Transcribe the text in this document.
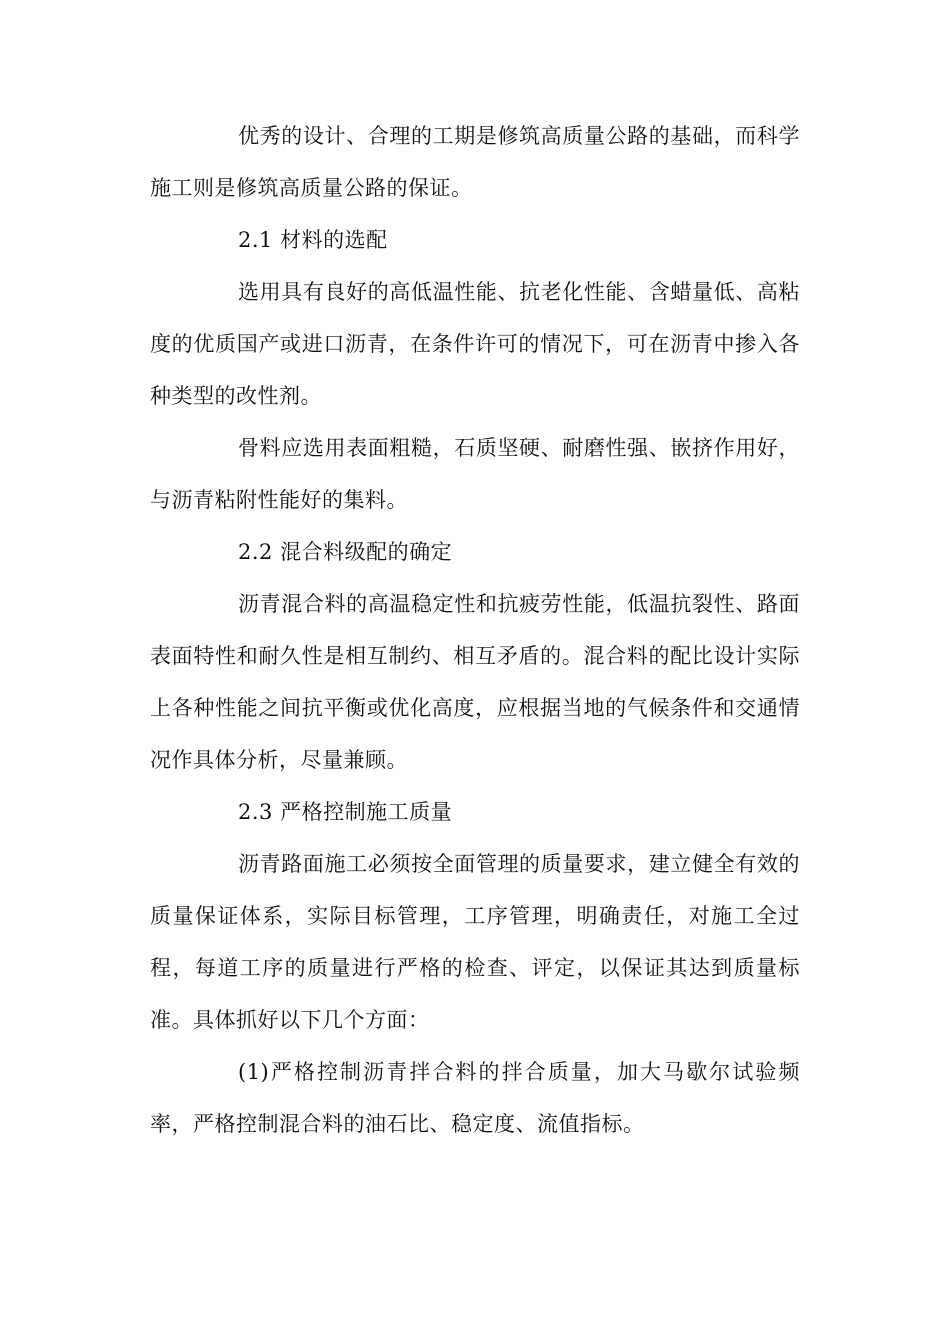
优秀的设计、合理的工期是修筑高质量公路的基础，而科学施工则是修筑高质量公路的保证。

2.1 材料的选配

选用具有良好的高低温性能、抗老化性能、含蜡量低、高粘度的优质国产或进口沥青，在条件许可的情况下，可在沥青中掺入各种类型的改性剂。

骨料应选用表面粗糙，石质坚硬、耐磨性强、嵌挤作用好，与沥青粘附性能好的集料。

2.2 混合料级配的确定

沥青混合料的高温稳定性和抗疲劳性能，低温抗裂性、路面表面特性和耐久性是相互制约、相互矛盾的。混合料的配比设计实际上各种性能之间抗平衡或优化高度，应根据当地的气候条件和交通情况作具体分析，尽量兼顾。

2.3 严格控制施工质量

沥青路面施工必须按全面管理的质量要求，建立健全有效的质量保证体系，实际目标管理，工序管理，明确责任，对施工全过程，每道工序的质量进行严格的检查、评定，以保证其达到质量标准。具体抓好以下几个方面：

(1)严格控制沥青拌合料的拌合质量，加大马歇尔试验频率，严格控制混合料的油石比、稳定度、流值指标。
